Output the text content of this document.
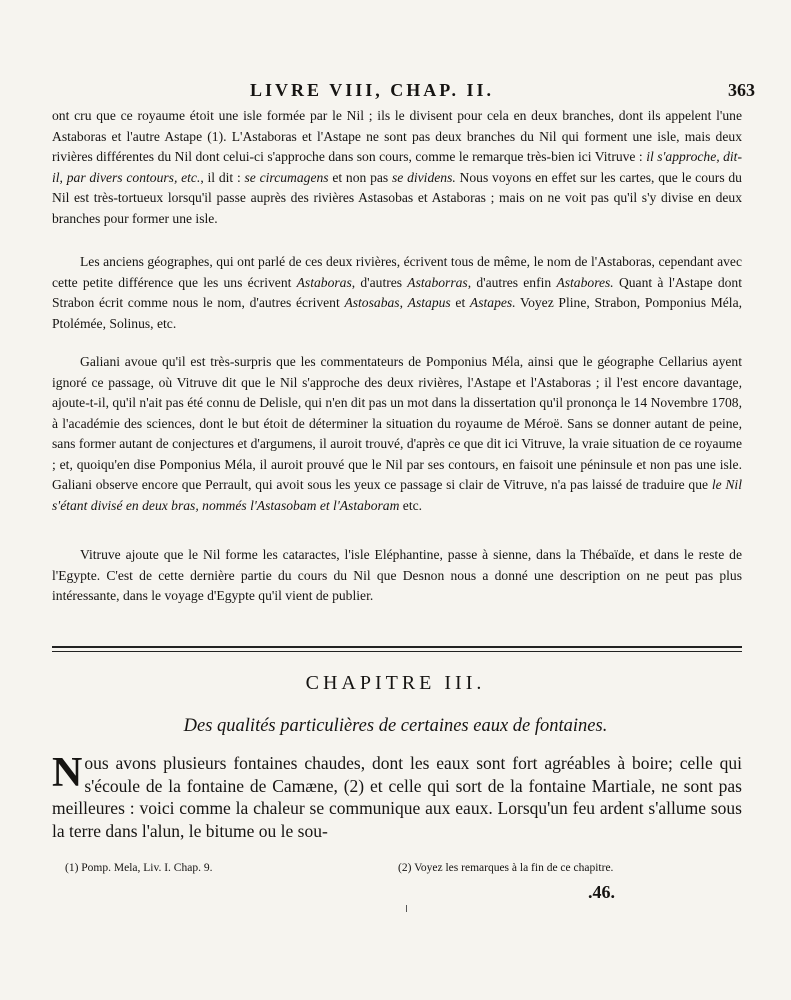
LIVRE VIII, CHAP. II.	363

ont cru que ce royaume étoit une isle formée par le Nil ; ils le divisent pour cela en deux branches, dont ils appelent l'une Astaboras et l'autre Astape (1). L'Astaboras et l'Astape ne sont pas deux branches du Nil qui forment une isle, mais deux rivières différentes du Nil dont celui-ci s'approche dans son cours, comme le remarque très-bien ici Vitruve : il s'approche, dit-il, par divers contours, etc., il dit : se circumagens et non pas se dividens. Nous voyons en effet sur les cartes, que le cours du Nil est très-tortueux lorsqu'il passe auprès des rivières Astasobas et Astaboras ; mais on ne voit pas qu'il s'y divise en deux branches pour former une isle.

Les anciens géographes, qui ont parlé de ces deux rivières, écrivent tous de même, le nom de l'Astaboras, cependant avec cette petite différence que les uns écrivent Astaboras, d'autres Astaborras, d'autres enfin Astabores. Quant à l'Astape dont Strabon écrit comme nous le nom, d'autres écrivent Astosabas, Astapus et Astapes. Voyez Pline, Strabon, Pomponius Méla, Ptolémée, Solinus, etc.

Galiani avoue qu'il est très-surpris que les commentateurs de Pomponius Méla, ainsi que le géographe Cellarius ayent ignoré ce passage, où Vitruve dit que le Nil s'approche des deux rivières, l'Astape et l'Astaboras ; il l'est encore davantage, ajoute-t-il, qu'il n'ait pas été connu de Delisle, qui n'en dit pas un mot dans la dissertation qu'il prononça le 14 Novembre 1708, à l'académie des sciences, dont le but étoit de déterminer la situation du royaume de Méroë. Sans se donner autant de peine, sans former autant de conjectures et d'argumens, il auroit trouvé, d'après ce que dit ici Vitruve, la vraie situation de ce royaume ; et, quoiqu'en dise Pomponius Méla, il auroit prouvé que le Nil par ses contours, en faisoit une péninsule et non pas une isle. Galiani observe encore que Perrault, qui avoit sous les yeux ce passage si clair de Vitruve, n'a pas laissé de traduire que le Nil s'étant divisé en deux bras, nommés l'Astasobam et l'Astaboram etc.

Vitruve ajoute que le Nil forme les cataractes, l'isle Eléphantine, passe à sienne, dans la Thébaïde, et dans le reste de l'Egypte. C'est de cette dernière partie du cours du Nil que Desnon nous a donné une description on ne peut pas plus intéressante, dans le voyage d'Egypte qu'il vient de publier.

CHAPITRE III.
Des qualités particulières de certaines eaux de fontaines.
Nous avons plusieurs fontaines chaudes, dont les eaux sont fort agréables à boire; celle qui s'écoule de la fontaine de Camæne, (2) et celle qui sort de la fontaine Martiale, ne sont pas meilleures : voici comme la chaleur se communique aux eaux. Lorsqu'un feu ardent s'allume sous la terre dans l'alun, le bitume ou le sou-
(1) Pomp. Mela, Liv. I. Chap. 9.	(2) Voyez les remarques à la fin de ce chapitre.
.46.
